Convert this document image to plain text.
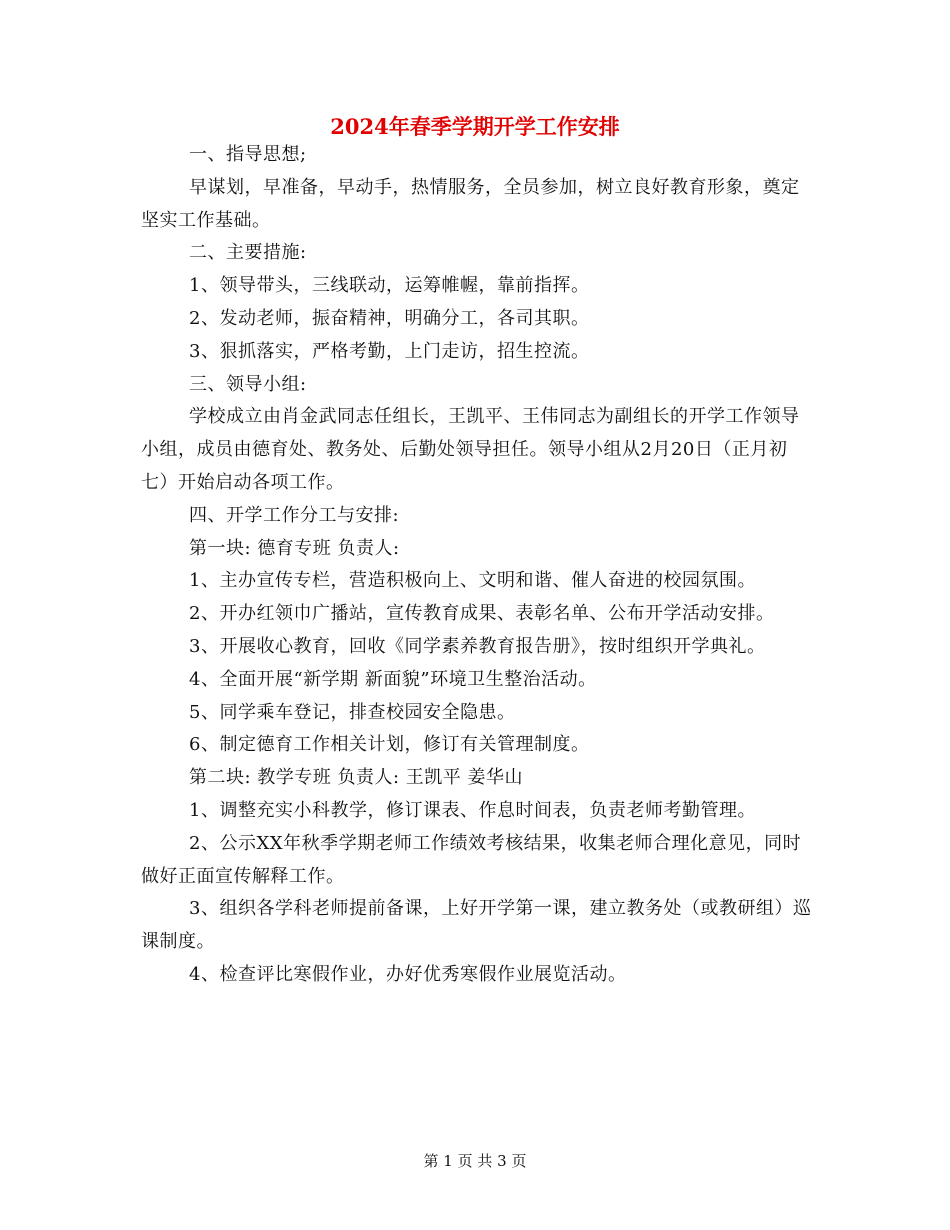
2024年春季学期开学工作安排

一、指导思想;

早谋划，早准备，早动手，热情服务，全员参加，树立良好教育形象，奠定坚实工作基础。

二、主要措施:

1、领导带头，三线联动，运筹帷幄，靠前指挥。

2、发动老师，振奋精神，明确分工，各司其职。

3、狠抓落实，严格考勤，上门走访，招生控流。

三、领导小组:

学校成立由肖金武同志任组长，王凯平、王伟同志为副组长的开学工作领导小组，成员由德育处、教务处、后勤处领导担任。领导小组从2月20日（正月初七）开始启动各项工作。

四、开学工作分工与安排:

第一块: 德育专班 负责人:

1、主办宣传专栏，营造积极向上、文明和谐、催人奋进的校园氛围。

2、开办红领巾广播站，宣传教育成果、表彰名单、公布开学活动安排。

3、开展收心教育，回收《同学素养教育报告册》，按时组织开学典礼。

4、全面开展“新学期 新面貌”环境卫生整治活动。

5、同学乘车登记，排查校园安全隐患。

6、制定德育工作相关计划，修订有关管理制度。

第二块: 教学专班 负责人: 王凯平 姜华山

1、调整充实小科教学，修订课表、作息时间表，负责老师考勤管理。

2、公示XX年秋季学期老师工作绩效考核结果，收集老师合理化意见，同时做好正面宣传解释工作。

3、组织各学科老师提前备课，上好开学第一课，建立教务处（或教研组）巡课制度。

4、检查评比寒假作业，办好优秀寒假作业展览活动。

第 1 页 共 3 页
